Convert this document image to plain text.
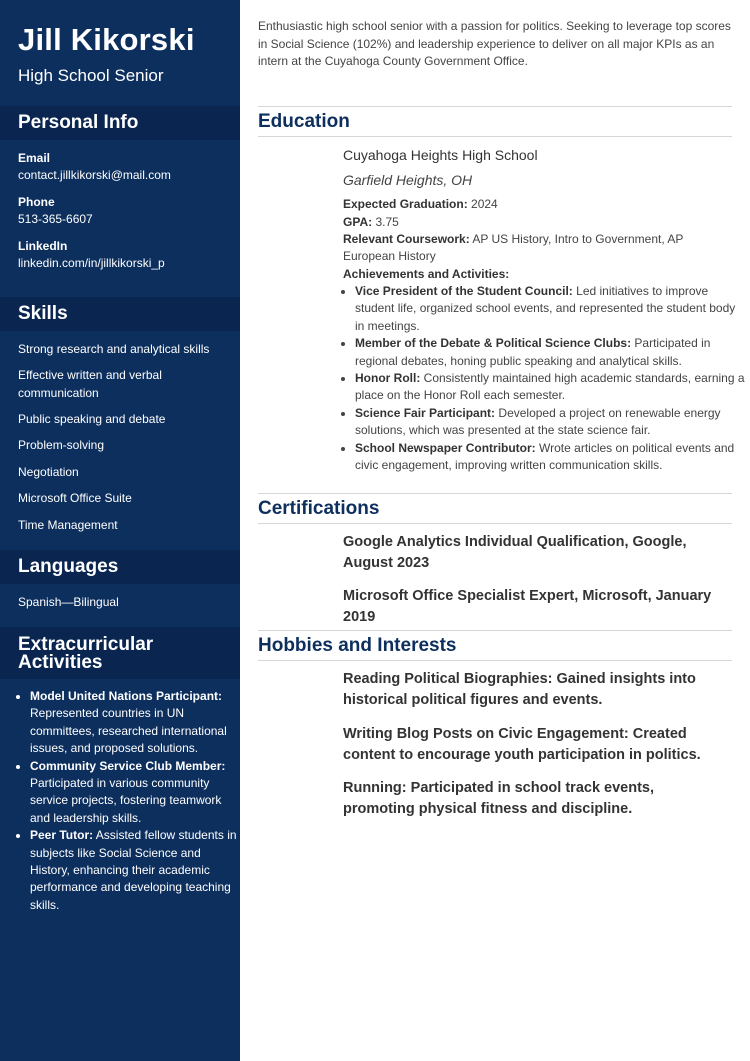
Jill Kikorski
High School Senior
Personal Info
Email
contact.jillkikorski@mail.com
Phone
513-365-6607
LinkedIn
linkedin.com/in/jillkikorski_p
Skills
Strong research and analytical skills
Effective written and verbal communication
Public speaking and debate
Problem-solving
Negotiation
Microsoft Office Suite
Time Management
Languages
Spanish—Bilingual
Extracurricular
Activities
• Model United Nations Participant: Represented countries in UN committees, researched international issues, and proposed solutions.
• Community Service Club Member: Participated in various community service projects, fostering teamwork and leadership skills.
• Peer Tutor: Assisted fellow students in subjects like Social Science and History, enhancing their academic performance and developing teaching skills.
Enthusiastic high school senior with a passion for politics. Seeking to leverage top scores in Social Science (102%) and leadership experience to deliver on all major KPIs as an intern at the Cuyahoga County Government Office.
Education
Cuyahoga Heights High School
Garfield Heights, OH
Expected Graduation: 2024
GPA: 3.75
Relevant Coursework: AP US History, Intro to Government, AP European History
Achievements and Activities:
• Vice President of the Student Council: Led initiatives to improve student life, organized school events, and represented the student body in meetings.
• Member of the Debate & Political Science Clubs: Participated in regional debates, honing public speaking and analytical skills.
• Honor Roll: Consistently maintained high academic standards, earning a place on the Honor Roll each semester.
• Science Fair Participant: Developed a project on renewable energy solutions, which was presented at the state science fair.
• School Newspaper Contributor: Wrote articles on political events and civic engagement, improving written communication skills.
Certifications
Google Analytics Individual Qualification, Google, August 2023
Microsoft Office Specialist Expert, Microsoft, January 2019
Hobbies and Interests
Reading Political Biographies: Gained insights into historical political figures and events.
Writing Blog Posts on Civic Engagement: Created content to encourage youth participation in politics.
Running: Participated in school track events, promoting physical fitness and discipline.
